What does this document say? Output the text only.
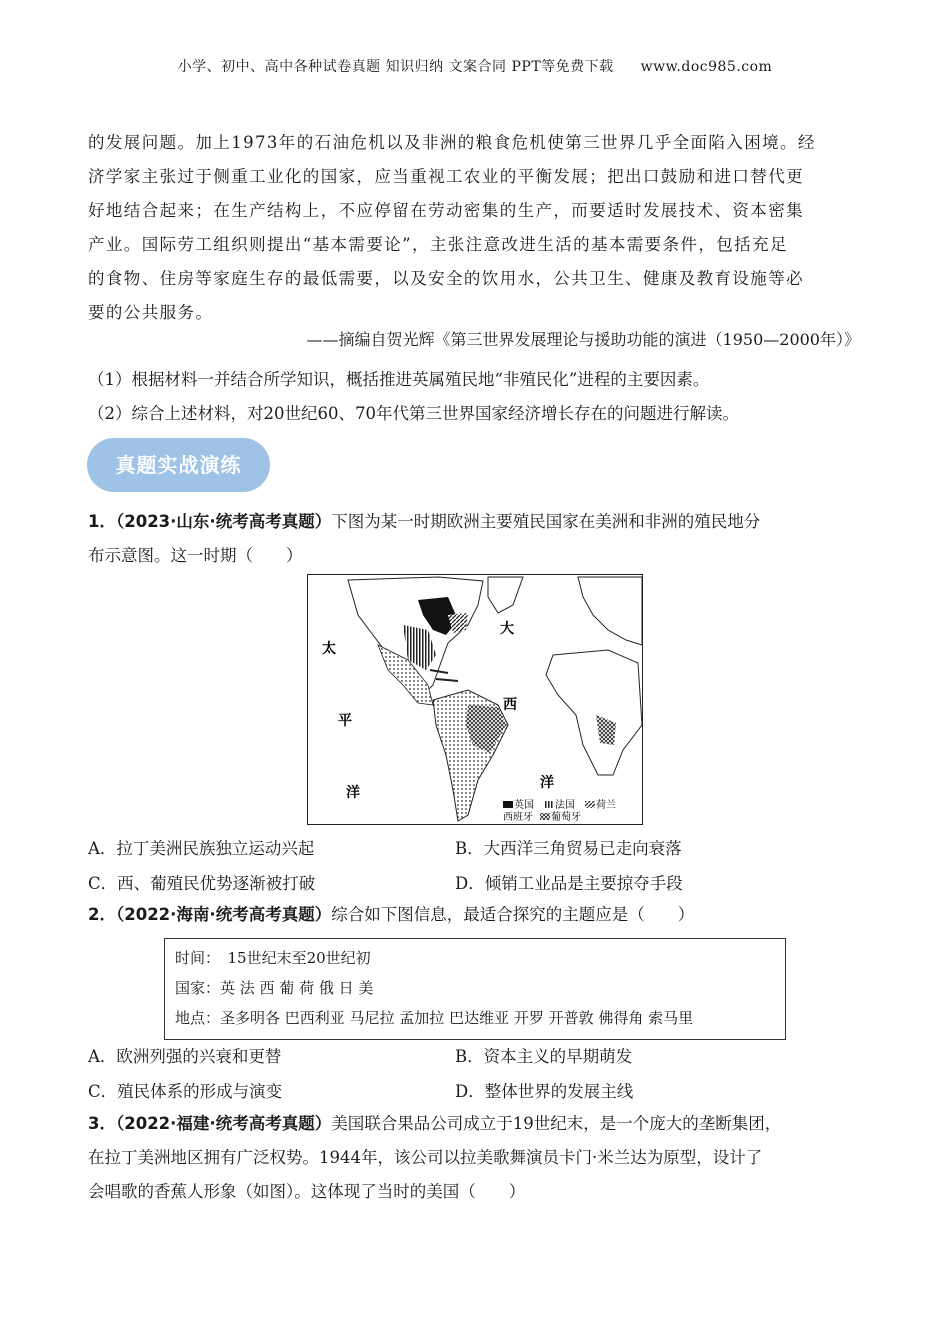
小学、初中、高中各种试卷真题 知识归纳 文案合同 PPT等免费下载 www.doc985.com
的发展问题。加上1973年的石油危机以及非洲的粮食危机使第三世界几乎全面陷入困境。经
济学家主张过于侧重工业化的国家，应当重视工农业的平衡发展；把出口鼓励和进口替代更
好地结合起来；在生产结构上，不应停留在劳动密集的生产，而要适时发展技术、资本密集
产业。国际劳工组织则提出“基本需要论”，主张注意改进生活的基本需要条件，包括充足
的食物、住房等家庭生存的最低需要，以及安全的饮用水，公共卫生、健康及教育设施等必
要的公共服务。
——摘编自贺光辉《第三世界发展理论与援助功能的演进（1950—2000年）》
（1）根据材料一并结合所学知识，概括推进英属殖民地“非殖民化”进程的主要因素。
（2）综合上述材料，对20世纪60、70年代第三世界国家经济增长存在的问题进行解读。
真题实战演练
1．（2023·山东·统考高考真题）下图为某一时期欧洲主要殖民国家在美洲和非洲的殖民地分
布示意图。这一时期（　　）
太
平
洋
大
西
洋
英国 法国 荷兰
西班牙 葡萄牙
A．拉丁美洲民族独立运动兴起	B．大西洋三角贸易已走向衰落
C．西、葡殖民优势逐渐被打破	D．倾销工业品是主要掠夺手段
2．（2022·海南·统考高考真题）综合如下图信息，最适合探究的主题应是（　　）
时间：　15世纪末至20世纪初
国家：英 法 西 葡 荷 俄 日 美
地点：圣多明各 巴西利亚 马尼拉 孟加拉 巴达维亚 开罗 开普敦 佛得角 索马里
A．欧洲列强的兴衰和更替	B．资本主义的早期萌发
C．殖民体系的形成与演变	D．整体世界的发展主线
3．（2022·福建·统考高考真题）美国联合果品公司成立于19世纪末，是一个庞大的垄断集团，
在拉丁美洲地区拥有广泛权势。1944年，该公司以拉美歌舞演员卡门·米兰达为原型，设计了
会唱歌的香蕉人形象（如图）。这体现了当时的美国（　　）
